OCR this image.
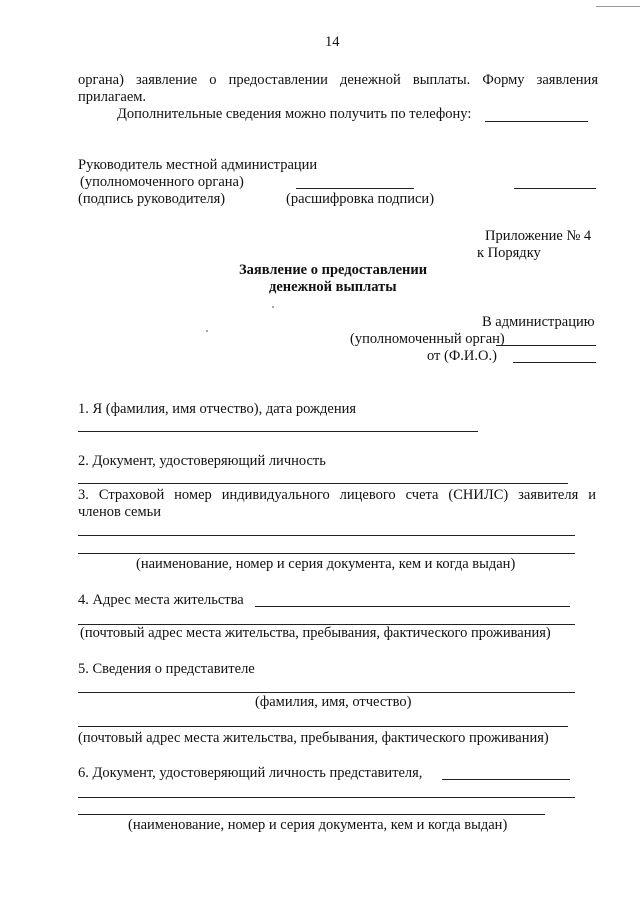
14
органа) заявление о предоставлении денежной выплаты. Форму заявления
прилагаем.
Дополнительные сведения можно получить по телефону:
Руководитель местной администрации
(уполномоченного органа)
(подпись руководителя)	(расшифровка подписи)
Приложение № 4
к Порядку
Заявление о предоставлении
денежной выплаты
В администрацию
(уполномоченный орган)
от (Ф.И.О.)
1. Я (фамилия, имя отчество), дата рождения
2. Документ, удостоверяющий личность
3. Страховой номер индивидуального лицевого счета (СНИЛС) заявителя и
членов семьи
(наименование, номер и серия документа, кем и когда выдан)
4. Адрес места жительства
(почтовый адрес места жительства, пребывания, фактического проживания)
5. Сведения о представителе
(фамилия, имя, отчество)
(почтовый адрес места жительства, пребывания, фактического проживания)
6. Документ, удостоверяющий личность представителя,
(наименование, номер и серия документа, кем и когда выдан)
